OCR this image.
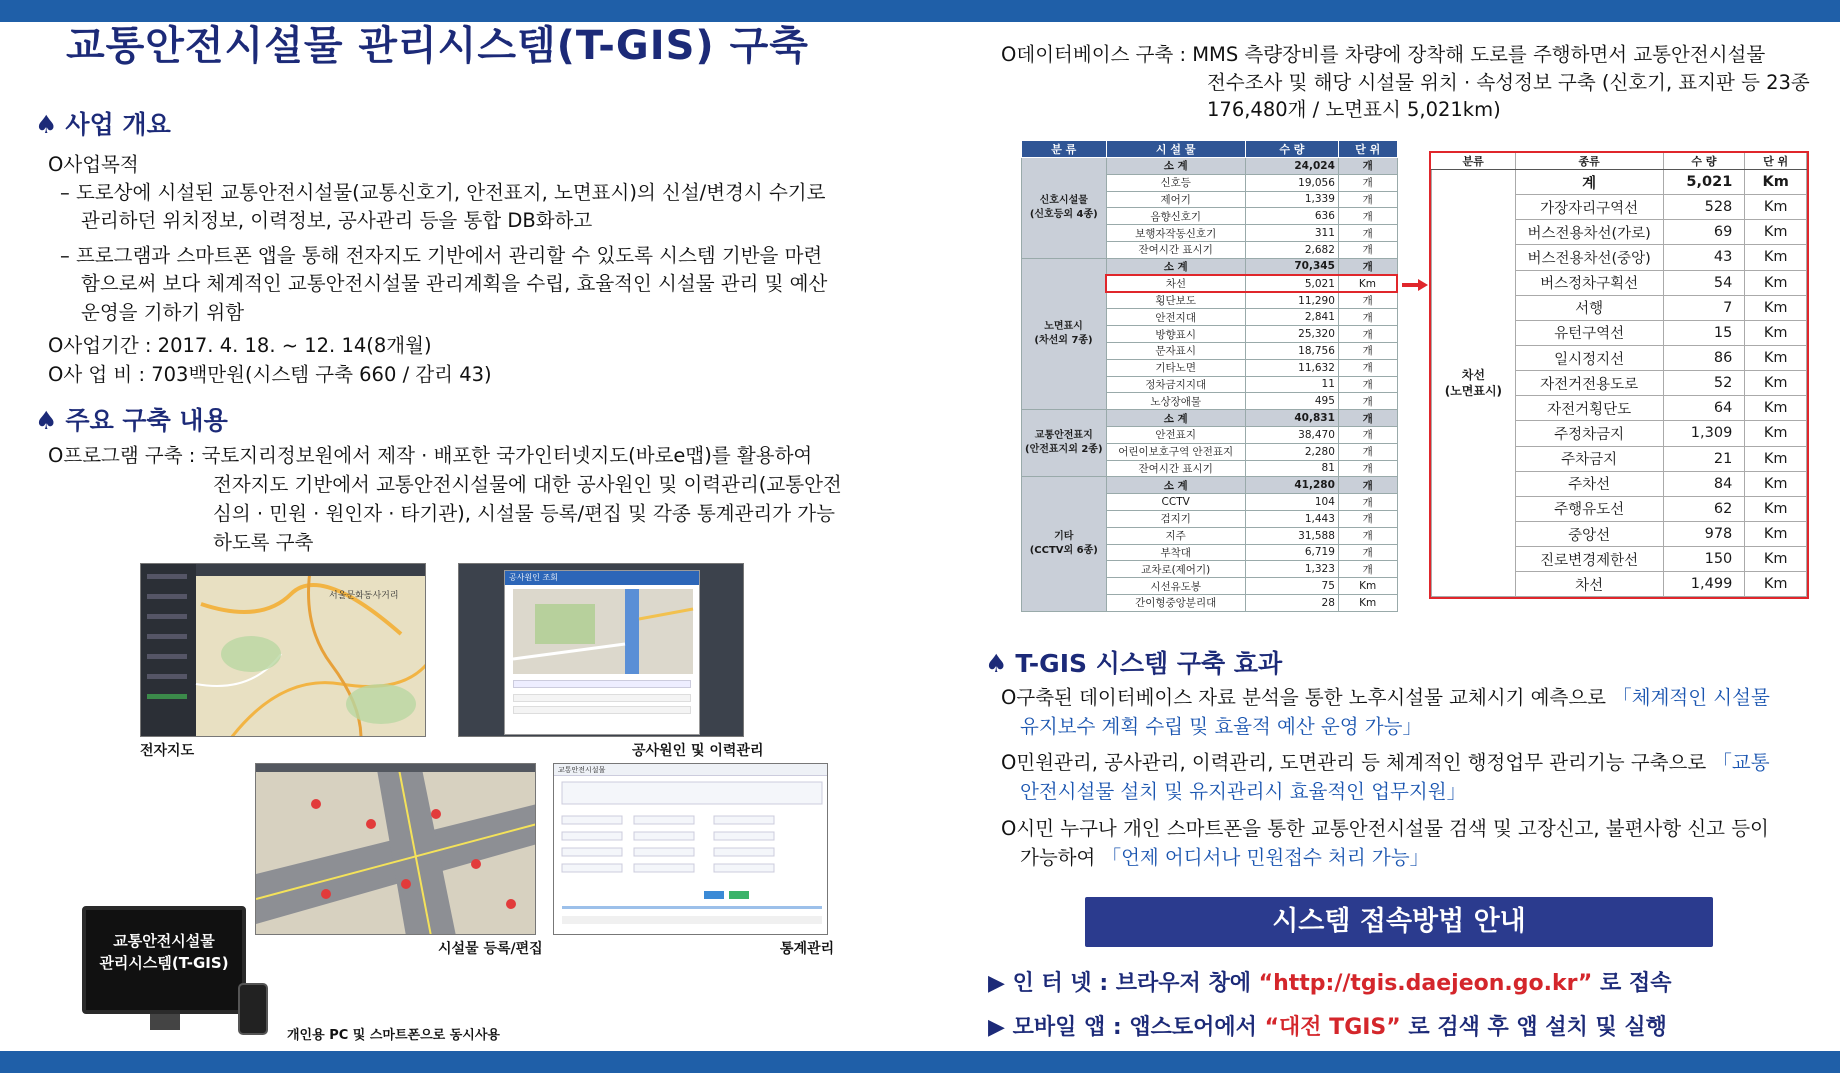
교통안전시설물 관리시스템(T-GIS) 구축
♠ 사업 개요
O사업목적
– 도로상에 시설된 교통안전시설물(교통신호기, 안전표지, 노면표시)의 신설/변경시 수기로
관리하던 위치정보, 이력정보, 공사관리 등을 통합 DB화하고
– 프로그램과 스마트폰 앱을 통해 전자지도 기반에서 관리할 수 있도록 시스템 기반을 마련
함으로써 보다 체계적인 교통안전시설물 관리계획을 수립, 효율적인 시설물 관리 및 예산
운영을 기하기 위함
O사업기간 : 2017. 4. 18. ~ 12. 14(8개월)
O사 업 비 : 703백만원(시스템 구축 660 / 감리 43)
♠ 주요 구축 내용
O프로그램 구축 : 국토지리정보원에서 제작 · 배포한 국가인터넷지도(바로e맵)를 활용하여
전자지도 기반에서 교통안전시설물에 대한 공사원인 및 이력관리(교통안전
심의 · 민원 · 원인자 · 타기관), 시설물 등록/편집 및 각종 통계관리가 가능
하도록 구축
서울문화동사거리
전자지도
공사원인 조회
공사원인 및 이력관리
시설물 등록/편집
교통안전시설물
통계관리
교통안전시설물
관리시스템(T-GIS)
개인용 PC 및 스마트폰으로 동시사용
O데이터베이스 구축 : MMS 측량장비를 차량에 장착해 도로를 주행하면서 교통안전시설물
전수조사 및 해당 시설물 위치 · 속성정보 구축 (신호기, 표지판 등 23종
176,480개 / 노면표시 5,021km)
분 류	시 설 물	수 량	단 위

신호시설물
(신호등외 4종)	소 계	24,024	개
	신호등	19,056	개
	제어기	1,339	개
	음향신호기	636	개
	보행자작동신호기	311	개
	잔여시간 표시기	2,682	개

노면표시
(차선외 7종)	소 계	70,345	개
	차선	5,021	Km
	횡단보도	11,290	개
	안전지대	2,841	개
	방향표시	25,320	개
	문자표시	18,756	개
	기타노면	11,632	개
	정차금지지대	11	개
	노상장애물	495	개

교통안전표지
(안전표지외 2종)	소 계	40,831	개
	안전표지	38,470	개
	어린이보호구역 안전표지	2,280	개
	잔여시간 표시기	81	개

기타
(CCTV외 6종)	소 계	41,280	개
	CCTV	104	개
	검지기	1,443	개
	지주	31,588	개
	부착대	6,719	개
	교차로(제어기)	1,323	개
	시선유도봉	75	Km
	간이형중앙분리대	28	Km
분류	종류	수 량	단 위

차선
(노면표시)	계	5,021	Km
	가장자리구역선	528	Km
	버스전용차선(가로)	69	Km
	버스전용차선(중앙)	43	Km
	버스정차구획선	54	Km
	서행	7	Km
	유턴구역선	15	Km
	일시정지선	86	Km
	자전거전용도로	52	Km
	자전거횡단도	64	Km
	주정차금지	1,309	Km
	주차금지	21	Km
	주차선	84	Km
	주행유도선	62	Km
	중앙선	978	Km
	진로변경제한선	150	Km
	차선	1,499	Km
♠ T-GIS 시스템 구축 효과
O구축된 데이터베이스 자료 분석을 통한 노후시설물 교체시기 예측으로 「체계적인 시설물
유지보수 계획 수립 및 효율적 예산 운영 가능」
O민원관리, 공사관리, 이력관리, 도면관리 등 체계적인 행정업무 관리기능 구축으로 「교통
안전시설물 설치 및 유지관리시 효율적인 업무지원」
O시민 누구나 개인 스마트폰을 통한 교통안전시설물 검색 및 고장신고, 불편사항 신고 등이
가능하여 「언제 어디서나 민원접수 처리 가능」
시스템 접속방법 안내
▶ 인 터 넷 : 브라우저 창에 “http://tgis.daejeon.go.kr” 로 접속
▶ 모바일 앱 : 앱스토어에서 “대전 TGIS” 로 검색 후 앱 설치 및 실행
